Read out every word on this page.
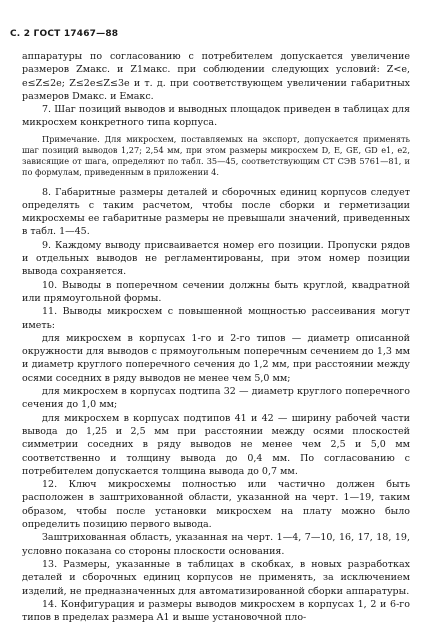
С. 2 ГОСТ 17467—88

аппаратуры по согласованию с потребителем допускается увеличение размеров Zмакс. и Z1макс. при соблюдении следующих условий: Z<e, e≤Z≤2e; Z≤2e≤Z≤3e и т. д. при соответствующем увеличении габаритных размеров Dмакс. и Eмакс.

7. Шаг позиций выводов и выводных площадок приведен в таблицах для микросхем конкретного типа корпуса.

Примечание. Для микросхем, поставляемых на экспорт, допускается применять шаг позиций выводов 1,27; 2,54 мм, при этом размеры микросхем D, E, GE, GD e1, e2, зависящие от шага, определяют по табл. 35—45, соответствующим СТ СЭВ 5761—81, и по формулам, приведенным в приложении 4.

8. Габаритные размеры деталей и сборочных единиц корпусов следует определять с таким расчетом, чтобы после сборки и герметизации микросхемы ее габаритные размеры не превышали значений, приведенных в табл. 1—45.

9. Каждому выводу присваивается номер его позиции. Пропуски рядов и отдельных выводов не регламентированы, при этом номер позиции вывода сохраняется.

10. Выводы в поперечном сечении должны быть круглой, квадратной или прямоугольной формы.

11. Выводы микросхем с повышенной мощностью рассеивания могут иметь:

для микросхем в корпусах 1-го и 2-го типов — диаметр описанной окружности для выводов с прямоугольным поперечным сечением до 1,3 мм и диаметр круглого поперечного сечения до 1,2 мм, при расстоянии между осями соседних в ряду выводов не менее чем 5,0 мм;

для микросхем в корпусах подтипа 32 — диаметр круглого поперечного сечения до 1,0 мм;

для микросхем в корпусах подтипов 41 и 42 — ширину рабочей части вывода до 1,25 и 2,5 мм при расстоянии между осями плоскостей симметрии соседних в ряду выводов не менее чем 2,5 и 5,0 мм соответственно и толщину вывода до 0,4 мм. По согласованию с потребителем допускается толщина вывода до 0,7 мм.

12. Ключ микросхемы полностью или частично должен быть расположен в заштрихованной области, указанной на черт. 1—19, таким образом, чтобы после установки микросхем на плату можно было определить позицию первого вывода.

Заштрихованная область, указанная на черт. 1—4, 7—10, 16, 17, 18, 19, условно показана со стороны плоскости основания.

13. Размеры, указанные в таблицах в скобках, в новых разработках деталей и сборочных единиц корпусов не применять, за исключением изделий, не предназначенных для автоматизированной сборки аппаратуры.

14. Конфигурация и размеры выводов микросхем в корпусах 1, 2 и 6-го типов в пределах размера A1 и выше установочной пло-
